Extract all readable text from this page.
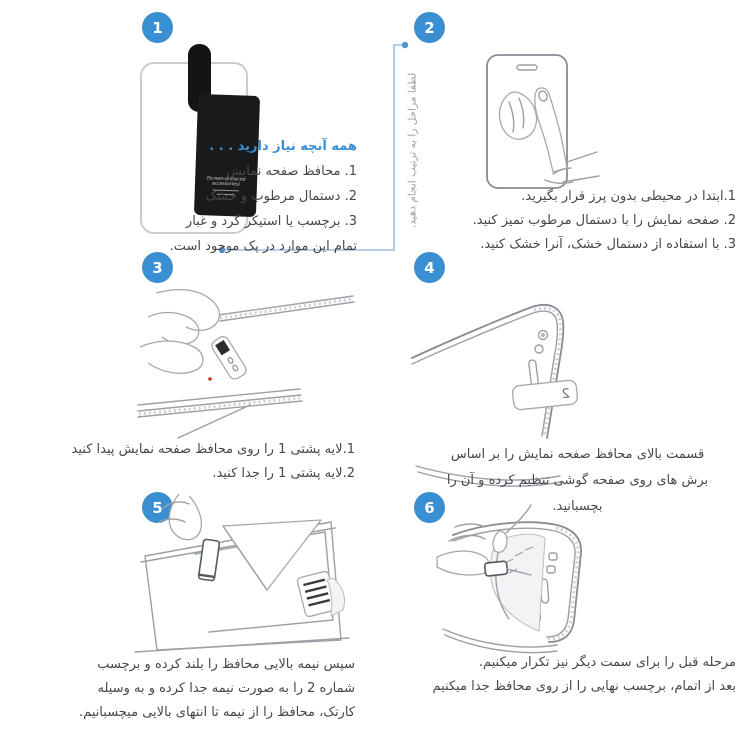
1	2
3	4
5	6
لطفا مراحل را به ترتیب انجام دهید.
(Screen-protector accessories)
همه آنچه نیاز دارید . . .
1. محافظ صفحه نمایش
2. دستمال مرطوب و خشک
3. برچسب یا استیکر گرد و غبار
تمام این موارد در پک موجود است.
1.ابتدا در محیطی بدون پرز قرار بگیرید.
2. صفحه نمایش را با دستمال مرطوب تمیز کنید.
3. با استفاده از دستمال خشک، آنرا خشک کنید.
1.لایه پشتی 1 را روی محافظ صفحه نمایش پیدا کنید
2.لایه پشتی 1 را جدا کنید.
2
قسمت بالای محافظ صفحه نمایش را بر اساس
برش های روی صفحه گوشی تنظیم کرده و آن را
بچسبانید.
سپس نیمه بالایی محافظ را بلند کرده و برچسب
شماره 2 را به صورت نیمه جدا کرده و به وسیله
کارتک، محافظ را از نیمه تا انتهای بالایی میچسبانیم.
مرحله قبل را برای سمت دیگر نیز تکرار میکنیم.
بعد از اتمام، برچسب نهایی را از روی محافظ جدا میکنیم
